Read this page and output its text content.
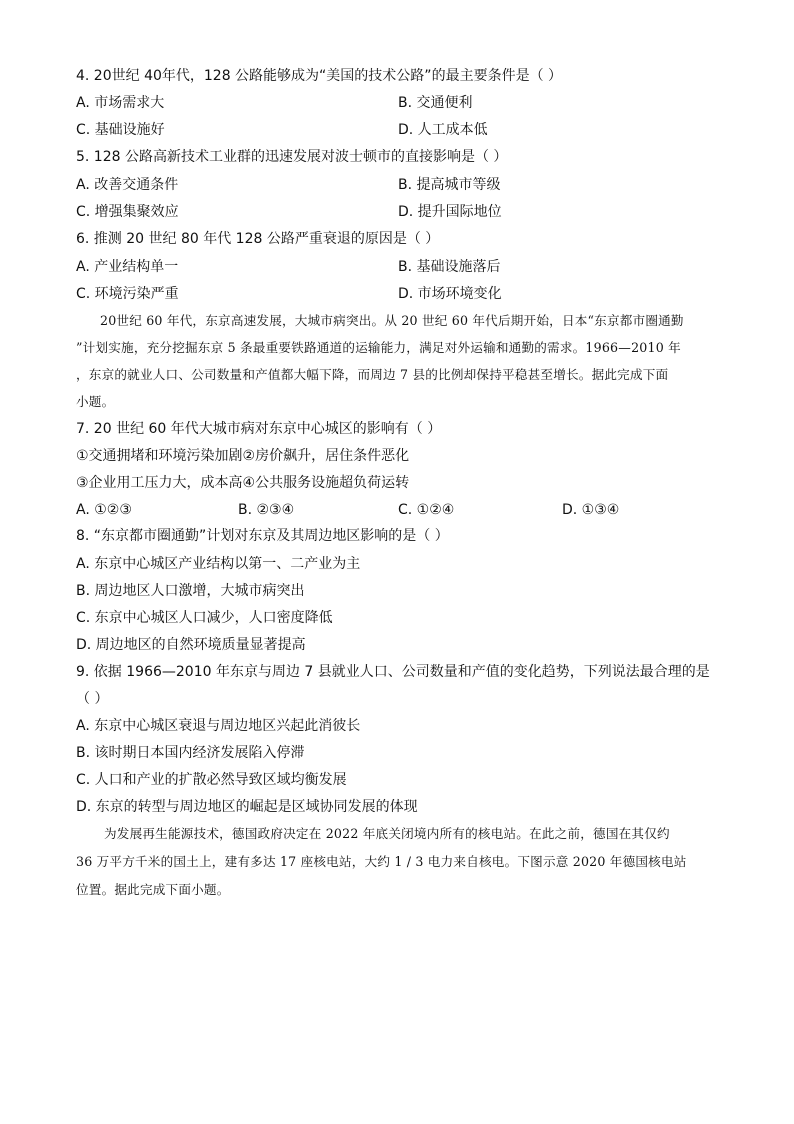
4. 20世纪 40年代，128 公路能够成为“美国的技术公路”的最主要条件是（ ）
A. 市场需求大	B. 交通便利
C. 基础设施好	D. 人工成本低
5. 128 公路高新技术工业群的迅速发展对波士顿市的直接影响是（ ）
A. 改善交通条件	B. 提高城市等级
C. 增强集聚效应	D. 提升国际地位
6. 推测 20 世纪 80 年代 128 公路严重衰退的原因是（ ）
A. 产业结构单一	B. 基础设施落后
C. 环境污染严重	D. 市场环境变化
20世纪 60 年代，东京高速发展，大城市病突出。从 20 世纪 60 年代后期开始，日本“东京都市圈通勤
”计划实施，充分挖掘东京 5 条最重要铁路通道的运输能力，满足对外运输和通勤的需求。1966—2010 年
，东京的就业人口、公司数量和产值都大幅下降，而周边 7 县的比例却保持平稳甚至增长。据此完成下面
小题。
7. 20 世纪 60 年代大城市病对东京中心城区的影响有（ ）
①交通拥堵和环境污染加剧②房价飙升，居住条件恶化
③企业用工压力大，成本高④公共服务设施超负荷运转
A. ①②③	B. ②③④	C. ①②④	D. ①③④
8. “东京都市圈通勤”计划对东京及其周边地区影响的是（ ）
A. 东京中心城区产业结构以第一、二产业为主
B. 周边地区人口激增，大城市病突出
C. 东京中心城区人口减少，人口密度降低
D. 周边地区的自然环境质量显著提高
9. 依据 1966—2010 年东京与周边 7 县就业人口、公司数量和产值的变化趋势，下列说法最合理的是
（ ）
A. 东京中心城区衰退与周边地区兴起此消彼长
B. 该时期日本国内经济发展陷入停滞
C. 人口和产业的扩散必然导致区域均衡发展
D. 东京的转型与周边地区的崛起是区域协同发展的体现
为发展再生能源技术，德国政府决定在 2022 年底关闭境内所有的核电站。在此之前，德国在其仅约
36 万平方千米的国土上，建有多达 17 座核电站，大约 1 / 3 电力来自核电。下图示意 2020 年德国核电站
位置。据此完成下面小题。
